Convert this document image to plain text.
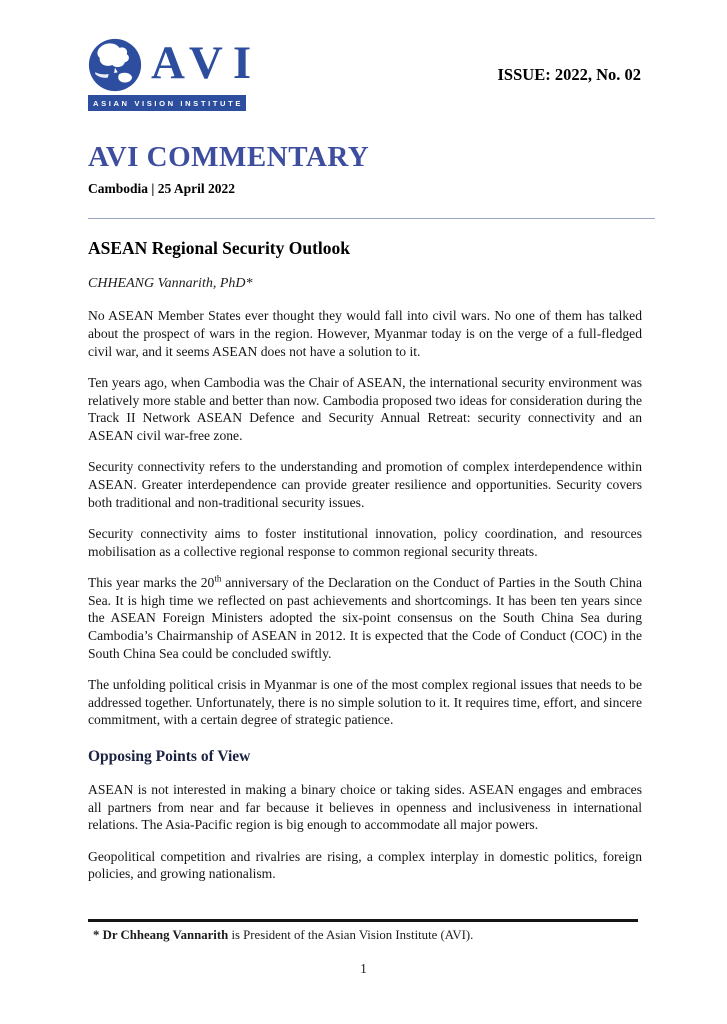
AVI
ASIAN VISION INSTITUTE
ISSUE: 2022, No. 02
AVI COMMENTARY
Cambodia | 25 April 2022
ASEAN Regional Security Outlook
CHHEANG Vannarith, PhD*

No ASEAN Member States ever thought they would fall into civil wars. No one of them has talked about the prospect of wars in the region. However, Myanmar today is on the verge of a full-fledged civil war, and it seems ASEAN does not have a solution to it.

Ten years ago, when Cambodia was the Chair of ASEAN, the international security environment was relatively more stable and better than now. Cambodia proposed two ideas for consideration during the Track II Network ASEAN Defence and Security Annual Retreat: security connectivity and an ASEAN civil war-free zone.

Security connectivity refers to the understanding and promotion of complex interdependence within ASEAN. Greater interdependence can provide greater resilience and opportunities. Security covers both traditional and non-traditional security issues.

Security connectivity aims to foster institutional innovation, policy coordination, and resources mobilisation as a collective regional response to common regional security threats.

This year marks the 20th anniversary of the Declaration on the Conduct of Parties in the South China Sea. It is high time we reflected on past achievements and shortcomings. It has been ten years since the ASEAN Foreign Ministers adopted the six-point consensus on the South China Sea during Cambodia’s Chairmanship of ASEAN in 2012. It is expected that the Code of Conduct (COC) in the South China Sea could be concluded swiftly.

The unfolding political crisis in Myanmar is one of the most complex regional issues that needs to be addressed together. Unfortunately, there is no simple solution to it. It requires time, effort, and sincere commitment, with a certain degree of strategic patience.

Opposing Points of View

ASEAN is not interested in making a binary choice or taking sides. ASEAN engages and embraces all partners from near and far because it believes in openness and inclusiveness in international relations. The Asia-Pacific region is big enough to accommodate all major powers.

Geopolitical competition and rivalries are rising, a complex interplay in domestic politics, foreign policies, and growing nationalism.

* Dr Chheang Vannarith is President of the Asian Vision Institute (AVI).

1
